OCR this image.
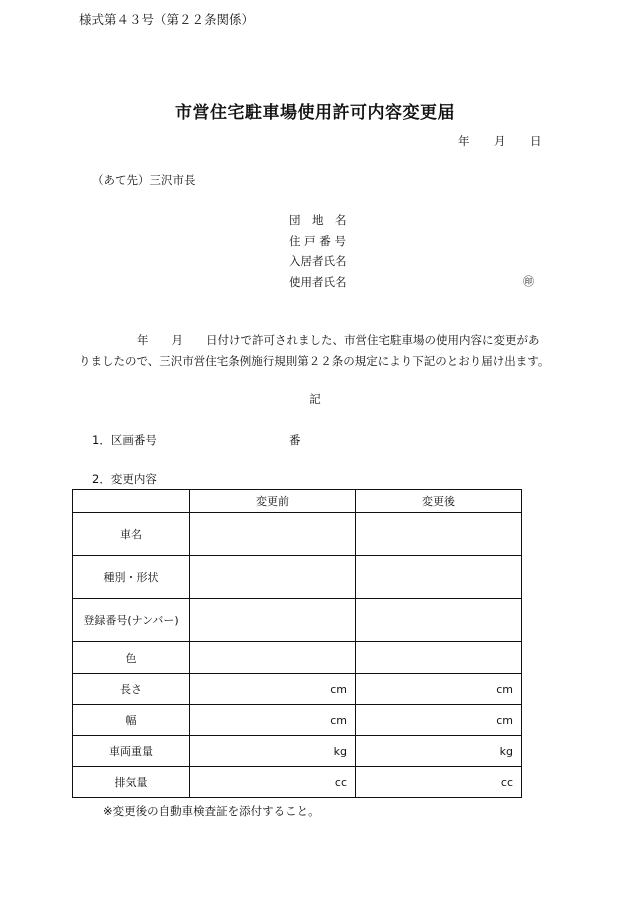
様式第４３号（第２２条関係）
市営住宅駐車場使用許可内容変更届
年 月 日
（あて先）三沢市長
団　地　名
住 戸 番 号
入居者氏名
使用者氏名	㊞
年　　月　　日付けで許可されました、市営住宅駐車場の使用内容に変更があ
りましたので、三沢市営住宅条例施行規則第２２条の規定により下記のとおり届け出ます。
記
1．区画番号	番
2．変更内容
	変更前	変更後
車名		
種別・形状		
登録番号(ナンバー)		
色		
長さ	cm	cm
幅	cm	cm
車両重量	kg	kg
排気量	cc	cc
※変更後の自動車検査証を添付すること。
